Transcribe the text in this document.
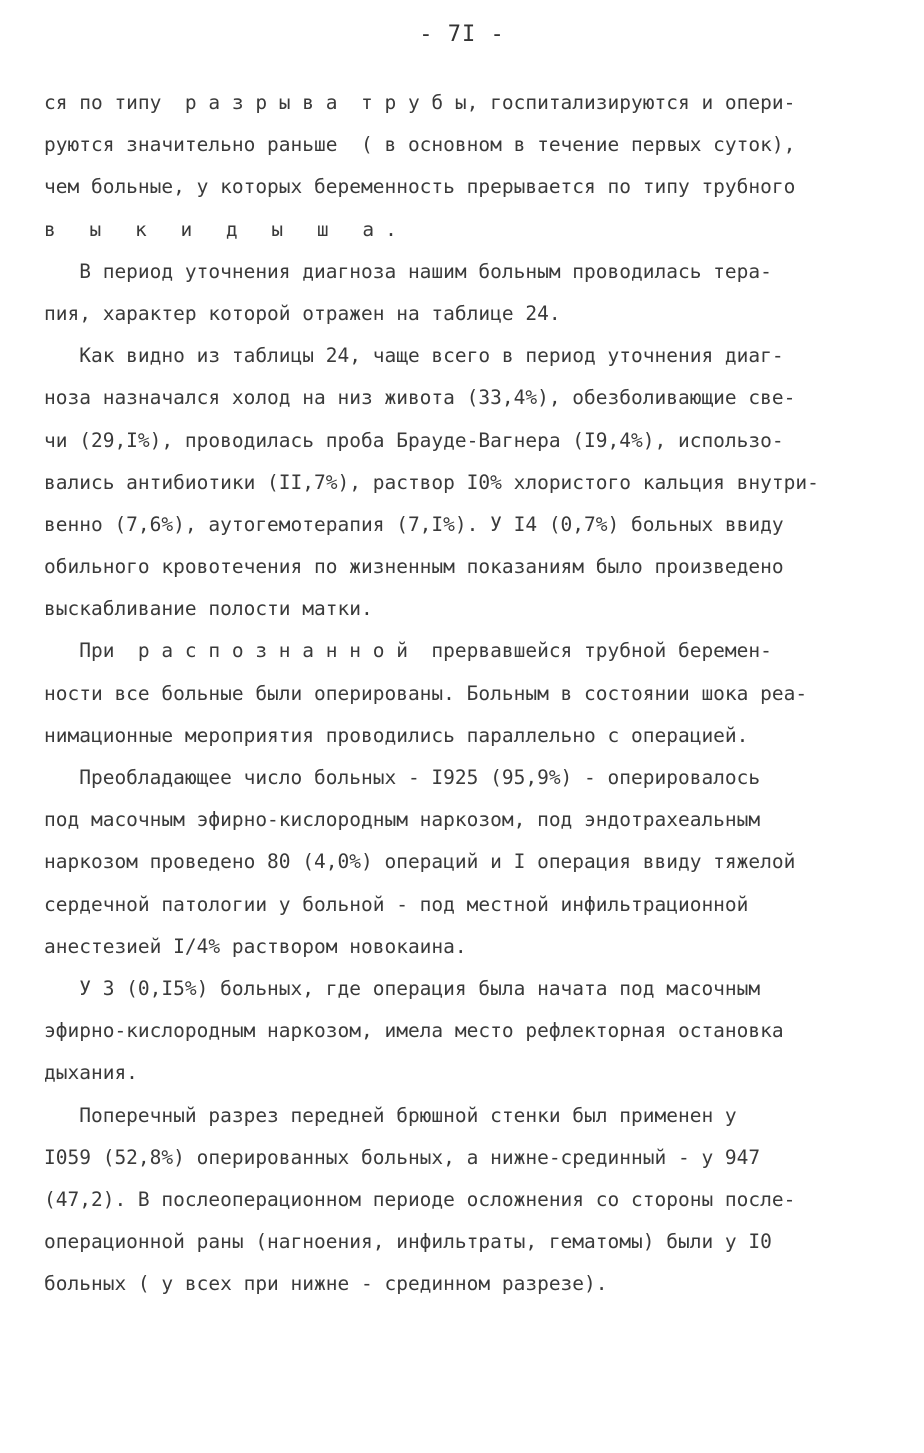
- 7I -
ся по типу  р а з р ы в а  т р у б ы, госпитализируются и опери-
руются значительно раньше  ( в основном в течение первых суток),
чем больные, у которых беременность прерывается по типу трубного
в ы к и д ы ш а.
В период уточнения диагноза нашим больным проводилась тера-
пия, характер которой отражен на таблице 24.
Как видно из таблицы 24, чаще всего в период уточнения диаг-
ноза назначался холод на низ живота (33,4%), обезболивающие све-
чи (29,I%), проводилась проба Брауде-Вагнера (I9,4%), использо-
вались антибиотики (II,7%), раствор I0% хлористого кальция внутри-
венно (7,6%), аутогемотерапия (7,I%). У I4 (0,7%) больных ввиду
обильного кровотечения по жизненным показаниям было произведено
выскабливание полости матки.
При  р а с п о з н а н н о й  прервавшейся трубной беремен-
ности все больные были оперированы. Больным в состоянии шока реа-
нимационные мероприятия проводились параллельно с операцией.
Преобладающее число больных - I925 (95,9%) - оперировалось
под масочным эфирно-кислородным наркозом, под эндотрахеальным
наркозом проведено 80 (4,0%) операций и I операция ввиду тяжелой
сердечной патологии у больной - под местной инфильтрационной
анестезией I/4% раствором новокаина.
У 3 (0,I5%) больных, где операция была начата под масочным
эфирно-кислородным наркозом, имела место рефлекторная остановка
дыхания.
Поперечный разрез передней брюшной стенки был применен у
I059 (52,8%) оперированных больных, а нижне-срединный - у 947
(47,2). В послеоперационном периоде осложнения со стороны после-
операционной раны (нагноения, инфильтраты, гематомы) были у I0
больных ( у всех при нижне - срединном разрезе).
